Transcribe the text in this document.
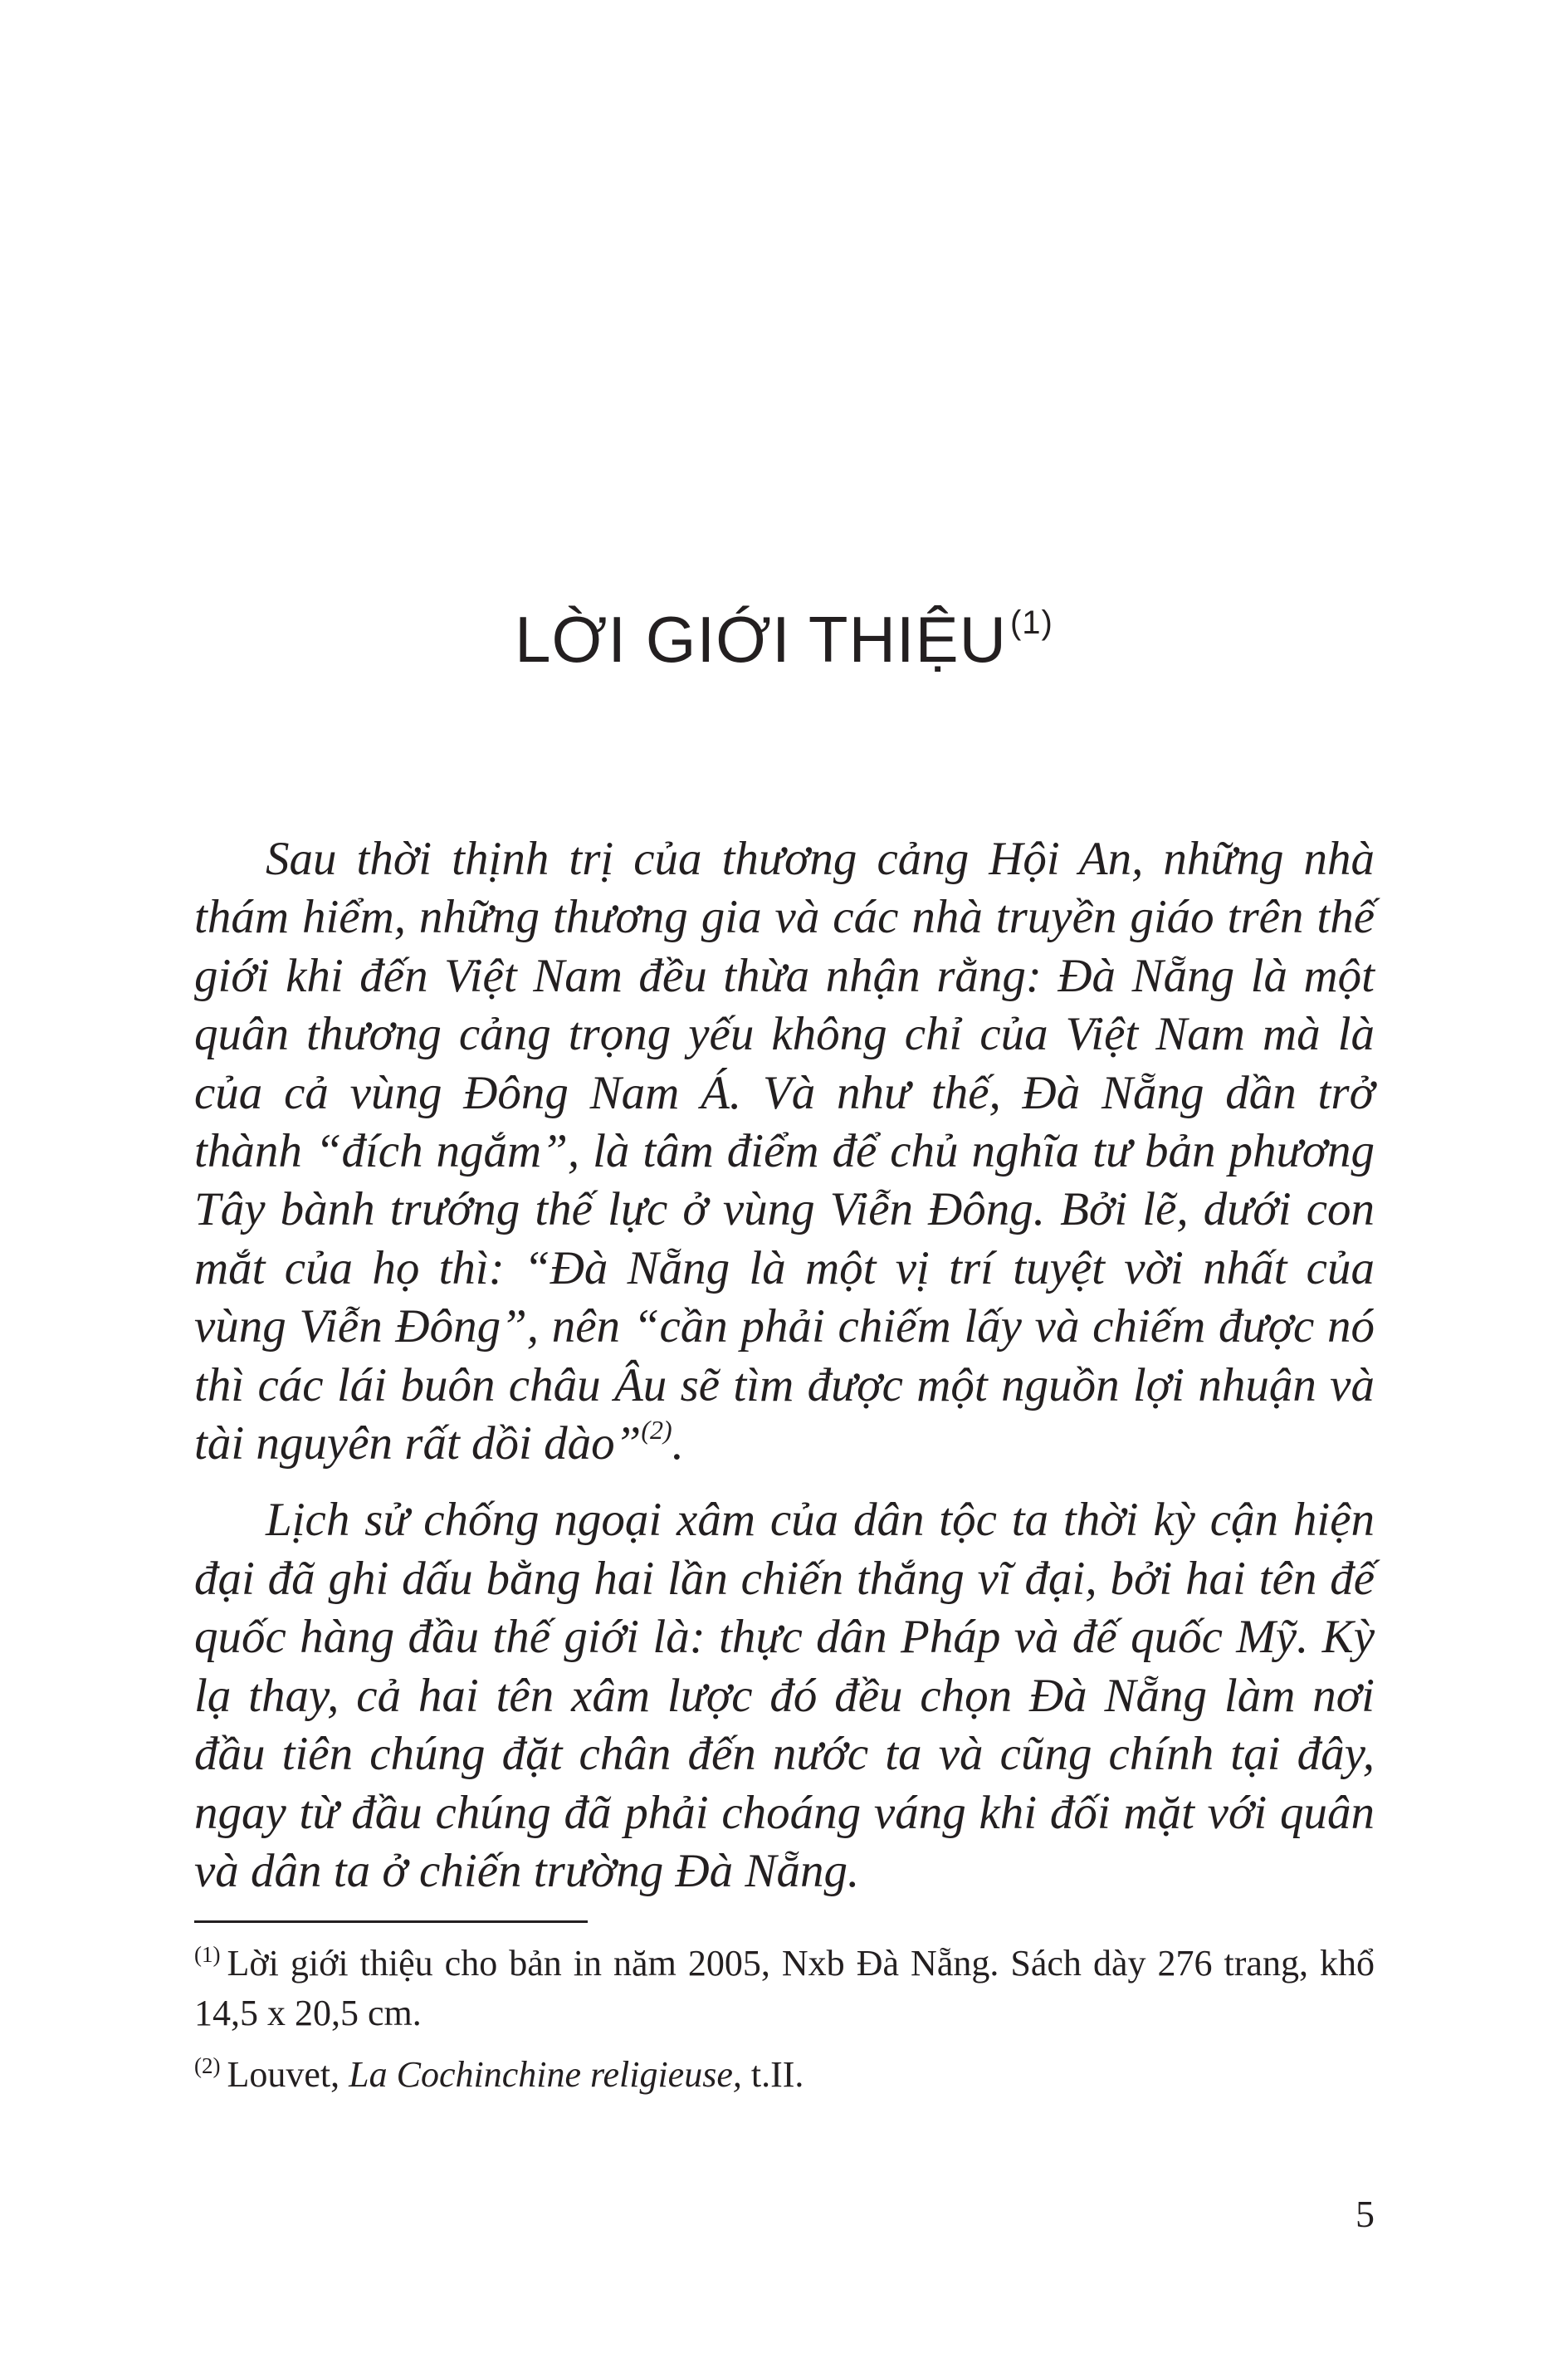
LỜI GIỚI THIỆU $^{(1)}$

Sau thời thịnh trị của thương cảng Hội An, những nhà thám hiểm, những thương gia và các nhà truyền giáo trên thế giới khi đến Việt Nam đều thừa nhận rằng: Đà Nẵng là một quân thương cảng trọng yếu không chỉ của Việt Nam mà là của cả vùng Đông Nam Á. Và như thế, Đà Nẵng dần trở thành “đích ngắm”, là tâm điểm để chủ nghĩa tư bản phương Tây bành trướng thế lực ở vùng Viễn Đông. Bởi lẽ, dưới con mắt của họ thì: “Đà Nẵng là một vị trí tuyệt vời nhất của vùng Viễn Đông”, nên “cần phải chiếm lấy và chiếm được nó thì các lái buôn châu Âu sẽ tìm được một nguồn lợi nhuận và tài nguyên rất dồi dào”$^{(2)}$.

Lịch sử chống ngoại xâm của dân tộc ta thời kỳ cận hiện đại đã ghi dấu bằng hai lần chiến thắng vĩ đại, bởi hai tên đế quốc hàng đầu thế giới là: thực dân Pháp và đế quốc Mỹ. Kỳ lạ thay, cả hai tên xâm lược đó đều chọn Đà Nẵng làm nơi đầu tiên chúng đặt chân đến nước ta và cũng chính tại đây, ngay từ đầu chúng đã phải choáng váng khi đối mặt với quân và dân ta ở chiến trường Đà Nẵng.

$^{(1)}$ Lời giới thiệu cho bản in năm 2005, Nxb Đà Nẵng. Sách dày 276 trang, khổ 14,5 x 20,5 cm.

$^{(2)}$ Louvet, La Cochinchine religieuse, t.II.

5
